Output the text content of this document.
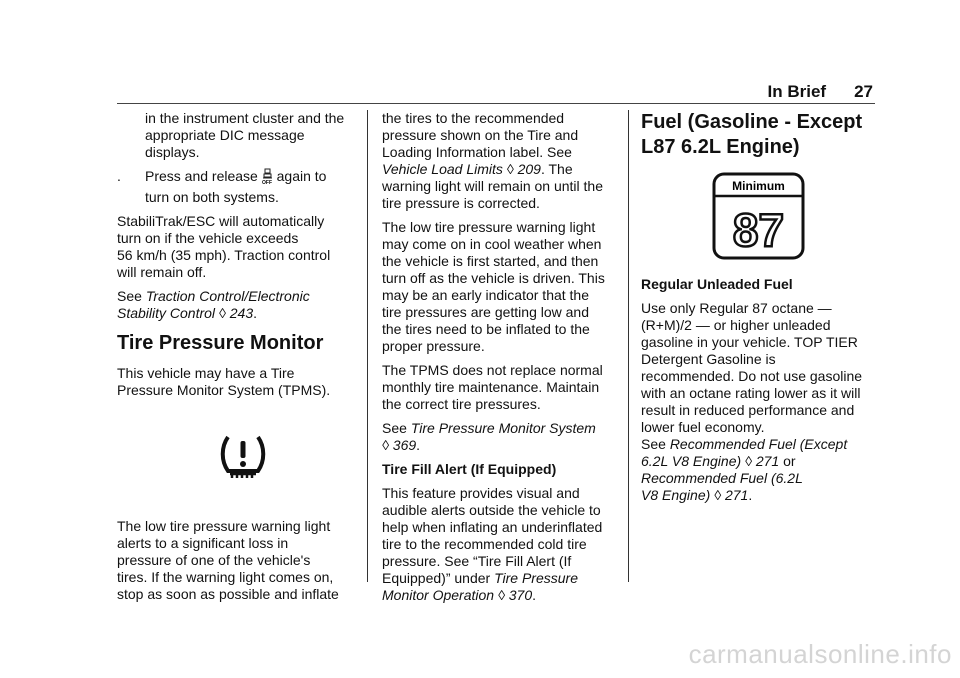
In Brief 27

in the instrument cluster and the
appropriate DIC message
displays.

. Press and release OFF again to
turn on both systems.

StabiliTrak/ESC will automatically
turn on if the vehicle exceeds
56 km/h (35 mph). Traction control
will remain off.

See Traction Control/Electronic
Stability Control ◊ 243.

Tire Pressure Monitor

This vehicle may have a Tire
Pressure Monitor System (TPMS).

The low tire pressure warning light
alerts to a significant loss in
pressure of one of the vehicle's
tires. If the warning light comes on,
stop as soon as possible and inflate

the tires to the recommended
pressure shown on the Tire and
Loading Information label. See
Vehicle Load Limits ◊ 209. The
warning light will remain on until the
tire pressure is corrected.

The low tire pressure warning light
may come on in cool weather when
the vehicle is first started, and then
turn off as the vehicle is driven. This
may be an early indicator that the
tire pressures are getting low and
the tires need to be inflated to the
proper pressure.

The TPMS does not replace normal
monthly tire maintenance. Maintain
the correct tire pressures.

See Tire Pressure Monitor System
◊ 369.

Tire Fill Alert (If Equipped)

This feature provides visual and
audible alerts outside the vehicle to
help when inflating an underinflated
tire to the recommended cold tire
pressure. See “Tire Fill Alert (If
Equipped)” under Tire Pressure
Monitor Operation ◊ 370.

Fuel (Gasoline - Except
L87 6.2L Engine)
Minimum
87

Regular Unleaded Fuel

Use only Regular 87 octane —
(R+M)/2 — or higher unleaded
gasoline in your vehicle. TOP TIER
Detergent Gasoline is
recommended. Do not use gasoline
with an octane rating lower as it will
result in reduced performance and
lower fuel economy.
See Recommended Fuel (Except
6.2L V8 Engine) ◊ 271 or
Recommended Fuel (6.2L
V8 Engine) ◊ 271.

carmanualsonline.info
